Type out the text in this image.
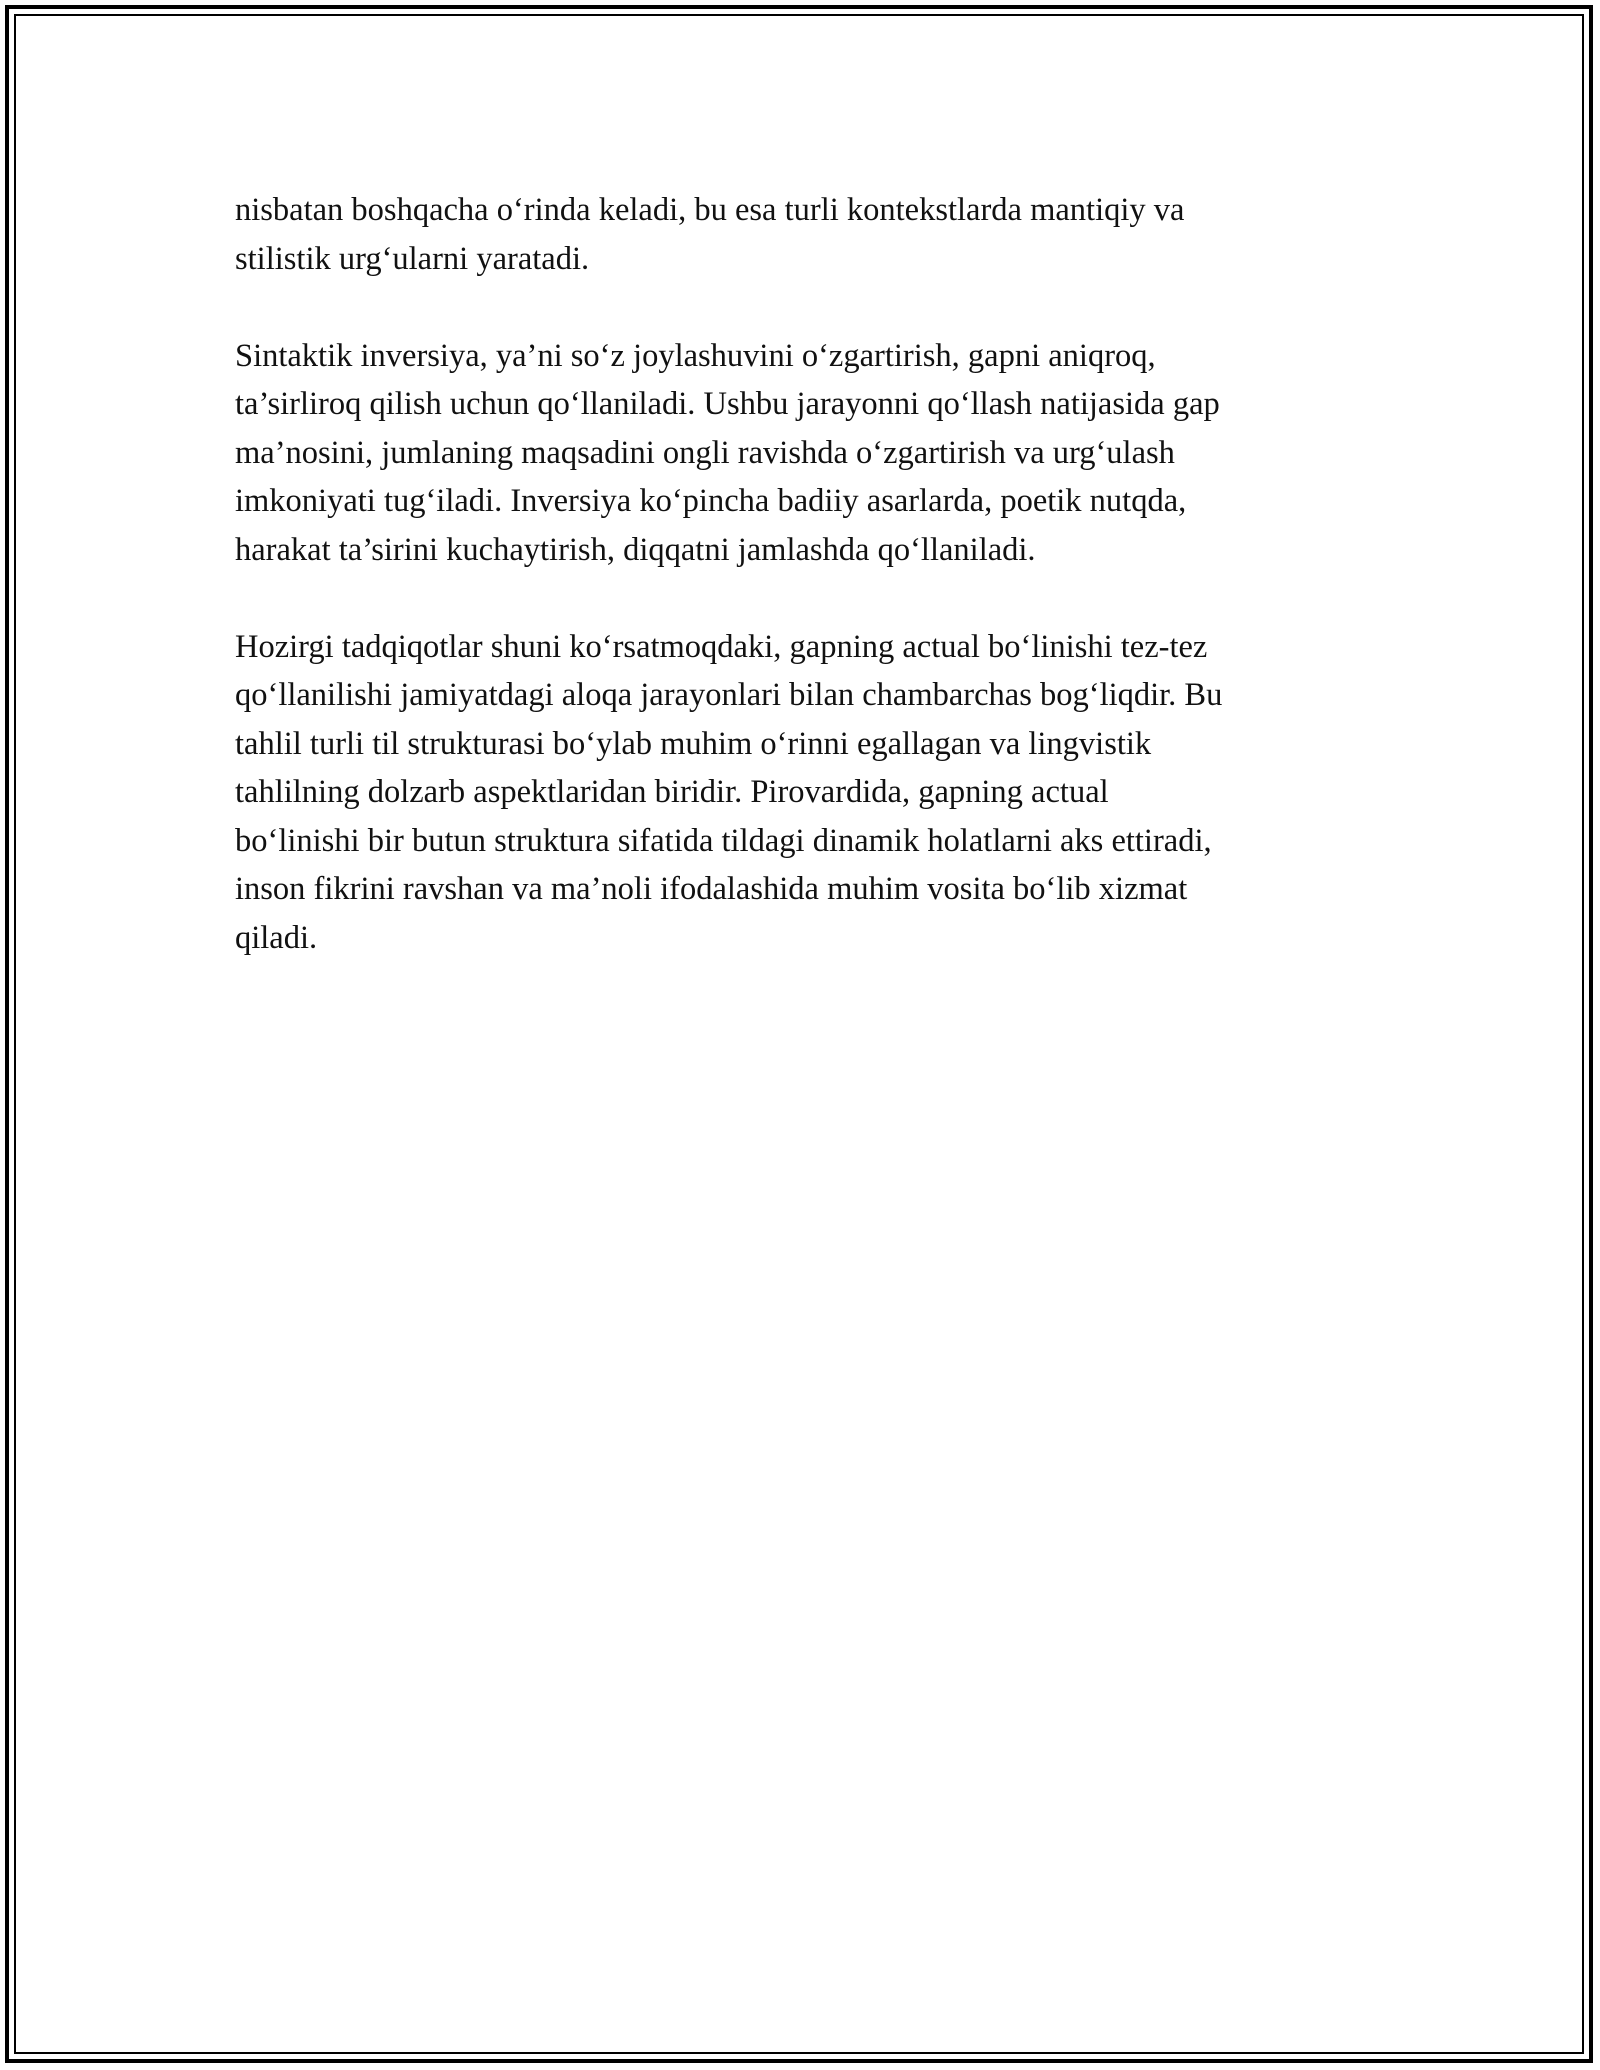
nisbatan boshqacha o‘rinda keladi, bu esa turli kontekstlarda mantiqiy va
stilistik urg‘ularni yaratadi.

Sintaktik inversiya, ya’ni so‘z joylashuvini o‘zgartirish, gapni aniqroq,
ta’sirliroq qilish uchun qo‘llaniladi. Ushbu jarayonni qo‘llash natijasida gap
ma’nosini, jumlaning maqsadini ongli ravishda o‘zgartirish va urg‘ulash
imkoniyati tug‘iladi. Inversiya ko‘pincha badiiy asarlarda, poetik nutqda,
harakat ta’sirini kuchaytirish, diqqatni jamlashda qo‘llaniladi.

Hozirgi tadqiqotlar shuni ko‘rsatmoqdaki, gapning actual bo‘linishi tez-tez
qo‘llanilishi jamiyatdagi aloqa jarayonlari bilan chambarchas bog‘liqdir. Bu
tahlil turli til strukturasi bo‘ylab muhim o‘rinni egallagan va lingvistik
tahlilning dolzarb aspektlaridan biridir. Pirovardida, gapning actual
bo‘linishi bir butun struktura sifatida tildagi dinamik holatlarni aks ettiradi,
inson fikrini ravshan va ma’noli ifodalashida muhim vosita bo‘lib xizmat
qiladi.
